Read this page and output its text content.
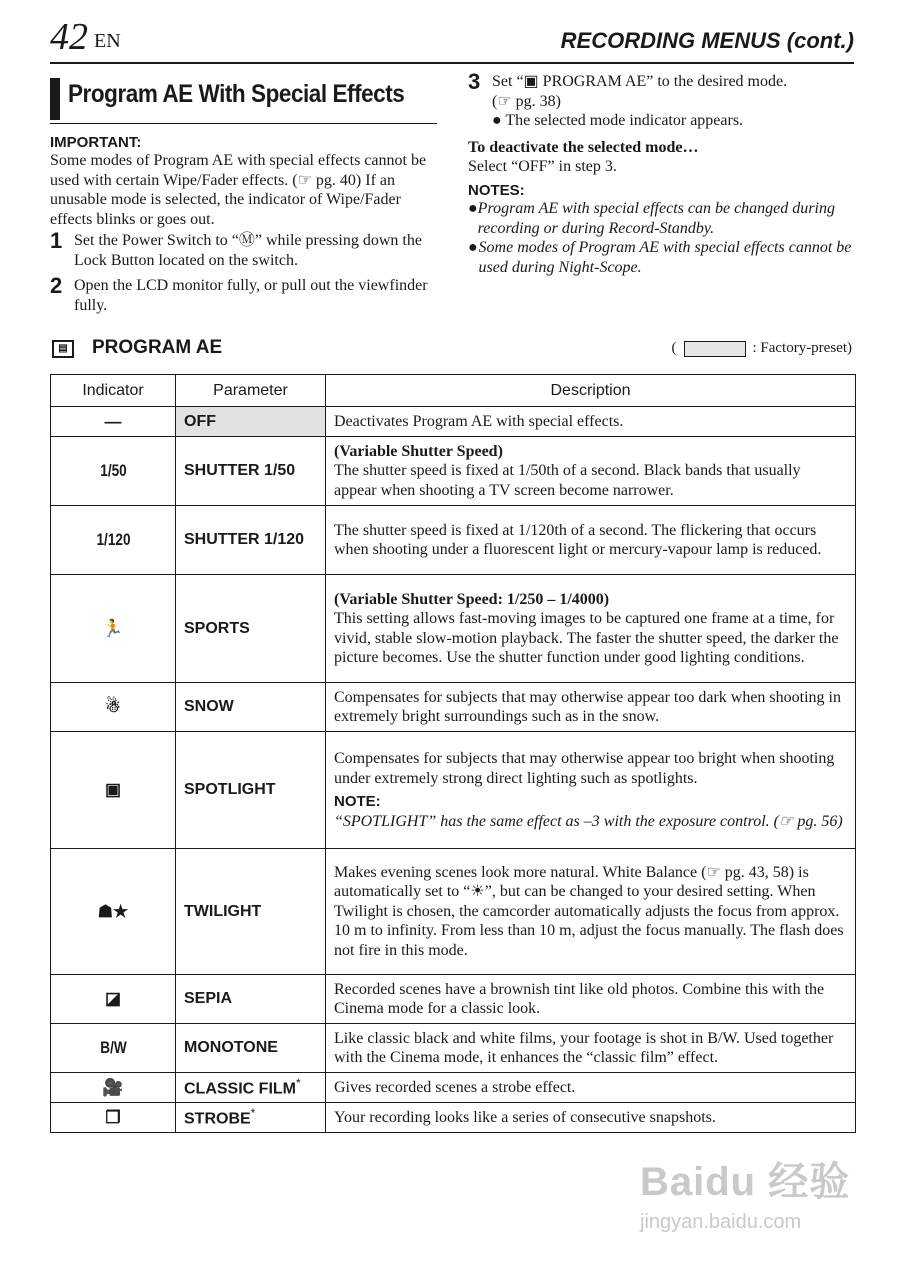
42 EN	RECORDING MENUS (cont.)
Program AE With Special Effects
IMPORTANT:
Some modes of Program AE with special effects cannot be used with certain Wipe/Fader effects. (☞ pg. 40) If an unusable mode is selected, the indicator of Wipe/Fader effects blinks or goes out.
1 Set the Power Switch to “Ⓜ” while pressing down the Lock Button located on the switch.
2 Open the LCD monitor fully, or pull out the viewfinder fully.
3 Set “▣ PROGRAM AE” to the desired mode.
(☞ pg. 38)
● The selected mode indicator appears.
To deactivate the selected mode…
Select “OFF” in step 3.
NOTES:
● Program AE with special effects can be changed during recording or during Record-Standby.
● Some modes of Program AE with special effects cannot be used during Night-Scope.
▤	PROGRAM AE	(	: Factory-preset)
Indicator	Parameter	Description
—	OFF	Deactivates Program AE with special effects.

1/50	SHUTTER 1/50	(Variable Shutter Speed)
The shutter speed is fixed at 1/50th of a second. Black bands that usually appear when shooting a TV screen become narrower.

1/120	SHUTTER 1/120	The shutter speed is fixed at 1/120th of a second. The flickering that occurs when shooting under a fluorescent light or mercury-vapour lamp is reduced.

🏃	SPORTS	(Variable Shutter Speed: 1/250 – 1/4000)
This setting allows fast-moving images to be captured one frame at a time, for vivid, stable slow-motion playback. The faster the shutter speed, the darker the picture becomes. Use the shutter function under good lighting conditions.

☃	SNOW	Compensates for subjects that may otherwise appear too dark when shooting in extremely bright surroundings such as in the snow.

▣	SPOTLIGHT	Compensates for subjects that may otherwise appear too bright when shooting under extremely strong direct lighting such as spotlights.
NOTE:
“SPOTLIGHT” has the same effect as –3 with the exposure control. (☞ pg. 56)

☗★	TWILIGHT	Makes evening scenes look more natural. White Balance (☞ pg. 43, 58) is automatically set to “☀”, but can be changed to your desired setting. When Twilight is chosen, the camcorder automatically adjusts the focus from approx. 10 m to infinity. From less than 10 m, adjust the focus manually. The flash does not fire in this mode.

◪	SEPIA	Recorded scenes have a brownish tint like old photos. Combine this with the Cinema mode for a classic look.

B/W	MONOTONE	Like classic black and white films, your footage is shot in B/W. Used together with the Cinema mode, it enhances the “classic film” effect.

🎥	CLASSIC FILM*	Gives recorded scenes a strobe effect.

❐	STROBE*	Your recording looks like a series of consecutive snapshots.
Baidu 经验
jingyan.baidu.com
